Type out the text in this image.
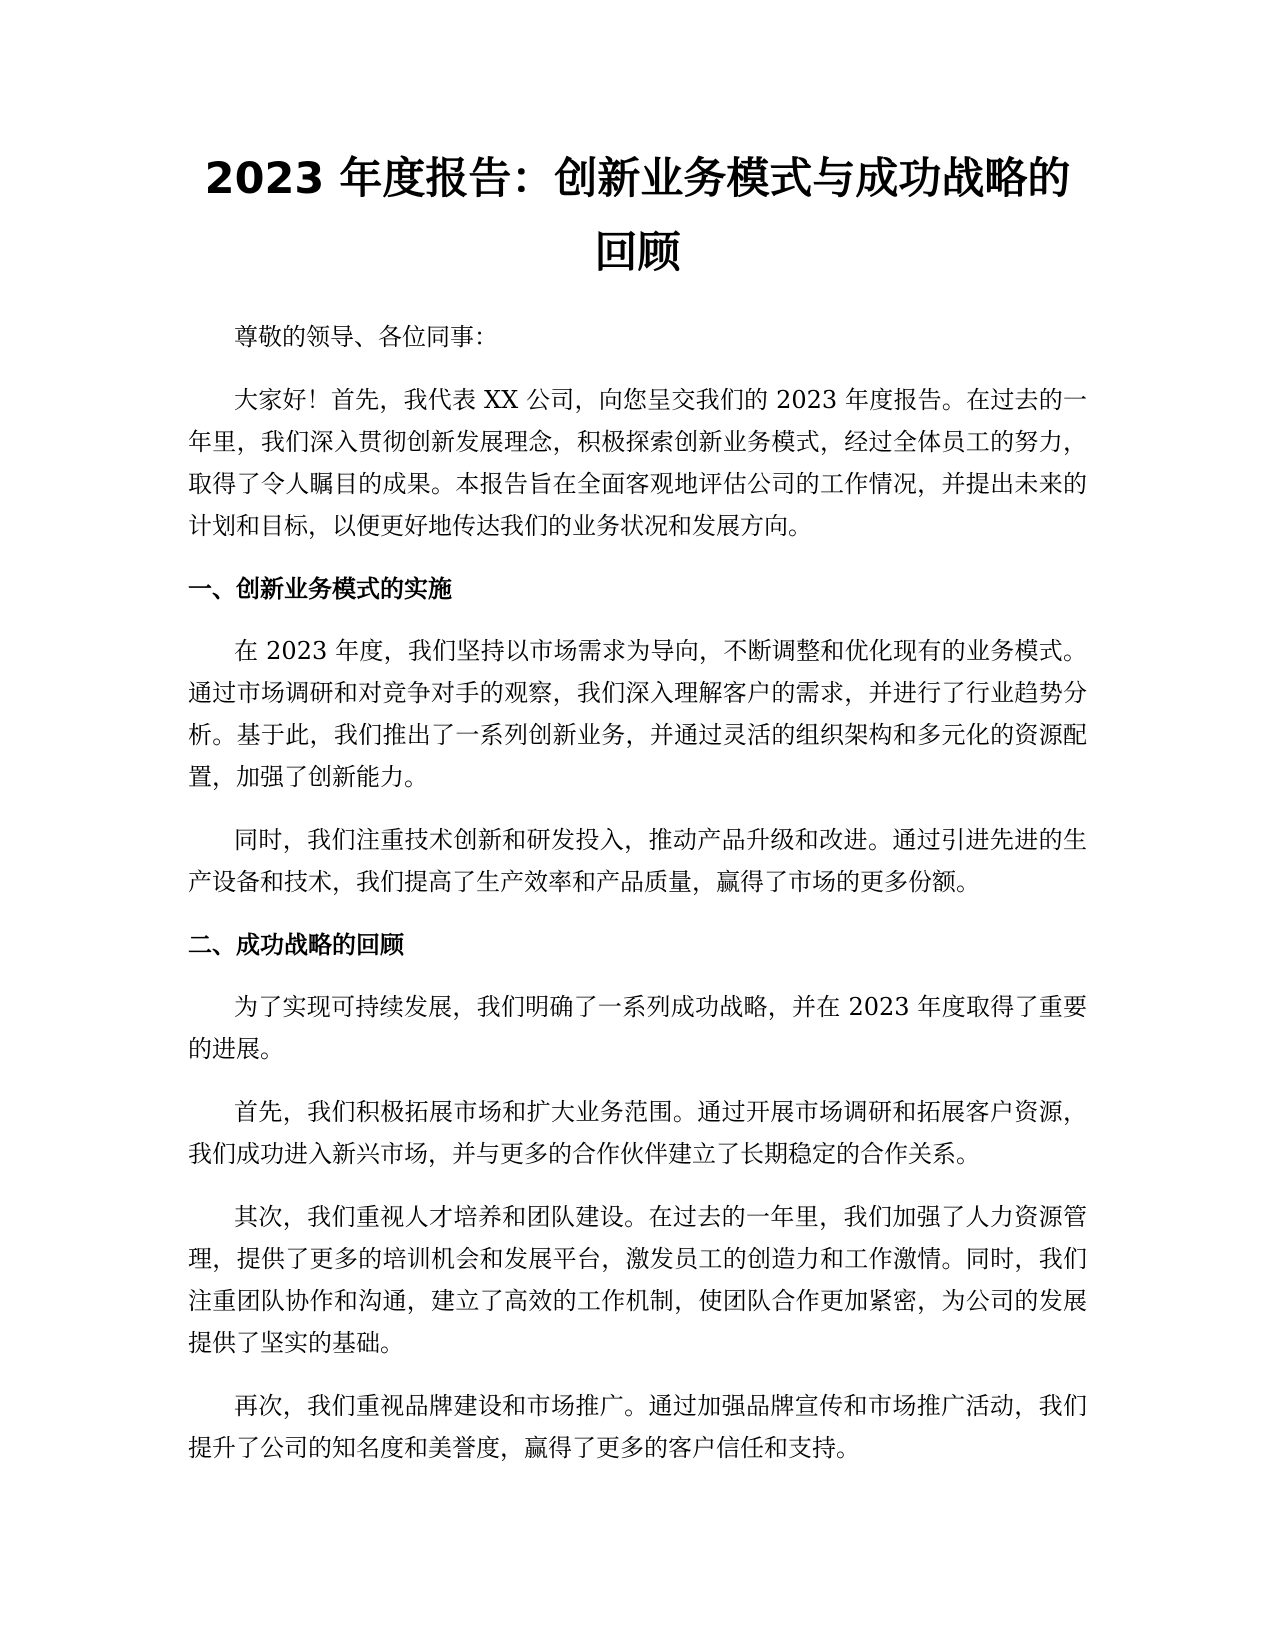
2023 年度报告：创新业务模式与成功战略的回顾

尊敬的领导、各位同事：

大家好！首先，我代表 XX 公司，向您呈交我们的 2023 年度报告。在过去的一年里，我们深入贯彻创新发展理念，积极探索创新业务模式，经过全体员工的努力，取得了令人瞩目的成果。本报告旨在全面客观地评估公司的工作情况，并提出未来的计划和目标，以便更好地传达我们的业务状况和发展方向。

一、创新业务模式的实施

在 2023 年度，我们坚持以市场需求为导向，不断调整和优化现有的业务模式。通过市场调研和对竞争对手的观察，我们深入理解客户的需求，并进行了行业趋势分析。基于此，我们推出了一系列创新业务，并通过灵活的组织架构和多元化的资源配置，加强了创新能力。

同时，我们注重技术创新和研发投入，推动产品升级和改进。通过引进先进的生产设备和技术，我们提高了生产效率和产品质量，赢得了市场的更多份额。

二、成功战略的回顾

为了实现可持续发展，我们明确了一系列成功战略，并在 2023 年度取得了重要的进展。

首先，我们积极拓展市场和扩大业务范围。通过开展市场调研和拓展客户资源，我们成功进入新兴市场，并与更多的合作伙伴建立了长期稳定的合作关系。

其次，我们重视人才培养和团队建设。在过去的一年里，我们加强了人力资源管理，提供了更多的培训机会和发展平台，激发员工的创造力和工作激情。同时，我们注重团队协作和沟通，建立了高效的工作机制，使团队合作更加紧密，为公司的发展提供了坚实的基础。

再次，我们重视品牌建设和市场推广。通过加强品牌宣传和市场推广活动，我们提升了公司的知名度和美誉度，赢得了更多的客户信任和支持。
